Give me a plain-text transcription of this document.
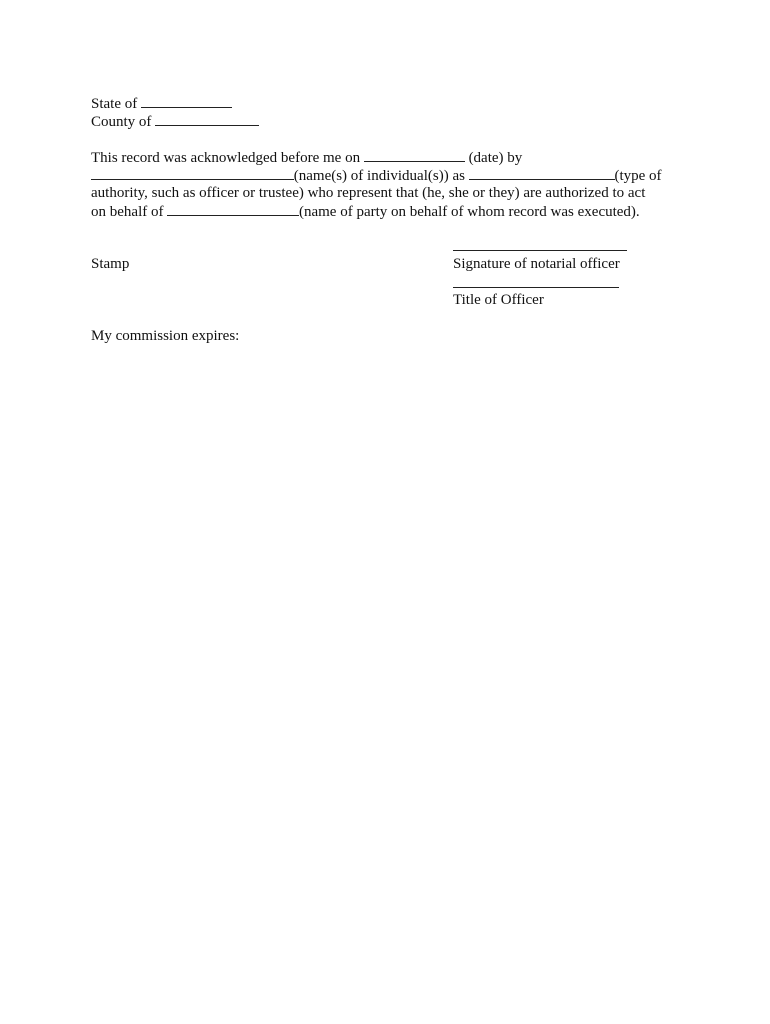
State of
County of
This record was acknowledged before me on	(date) by
(name(s) of individual(s)) as	(type of
authority, such as officer or trustee) who represent that (he, she or they) are authorized to act
on behalf of	(name of party on behalf of whom record was executed).
Stamp	Signature of notarial officer
Title of Officer
My commission expires:
